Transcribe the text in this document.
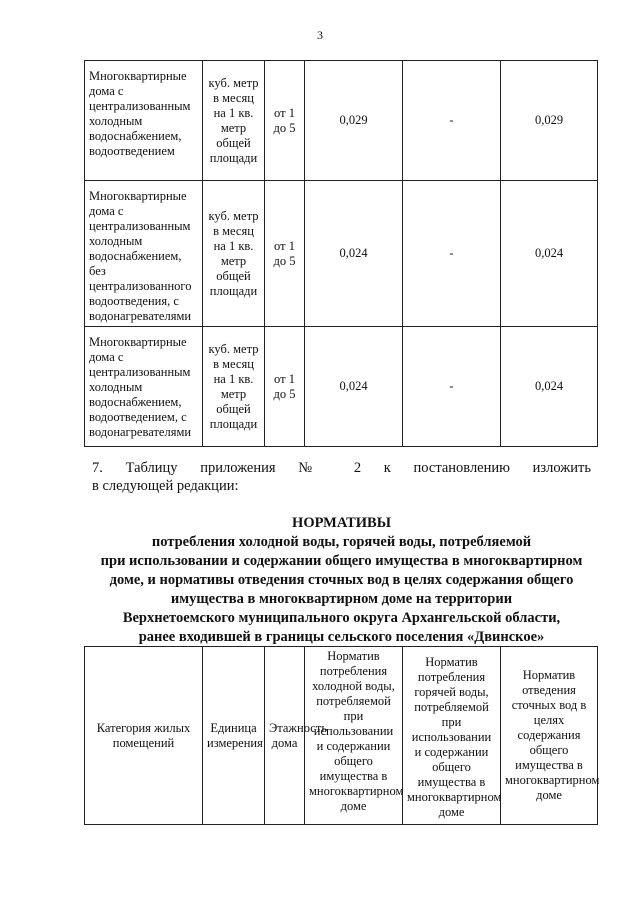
3
Многоквартирные дома с централизованным холодным водоснабжением, водоотведением	куб. метр в месяц на 1 кв. метр общей площади	от 1 до 5	0,029	-	0,029
Многоквартирные дома с централизованным холодным водоснабжением, без централизованного водоотведения, с водонагревателями	куб. метр в месяц на 1 кв. метр общей площади	от 1 до 5	0,024	-	0,024
Многоквартирные дома с централизованным холодным водоснабжением, водоотведением, с водонагревателями	куб. метр в месяц на 1 кв. метр общей площади	от 1 до 5	0,024	-	0,024
7. Таблицу приложения № 2 к постановлению изложить
в следующей редакции:
НОРМАТИВЫ
потребления холодной воды, горячей воды, потребляемой
при использовании и содержании общего имущества в многоквартирном
доме, и нормативы отведения сточных вод в целях содержания общего
имущества в многоквартирном доме на территории
Верхнетоемского муниципального округа Архангельской области,
ранее входившей в границы сельского поселения «Двинское»
Категория жилых помещений	Единица измерения	Этажность дома	Норматив потребления холодной воды, потребляемой при использовании и содержании общего имущества в многоквартирном доме	Норматив потребления горячей воды, потребляемой при использовании и содержании общего имущества в многоквартирном доме	Норматив отведения сточных вод в целях содержания общего имущества в многоквартирном доме
